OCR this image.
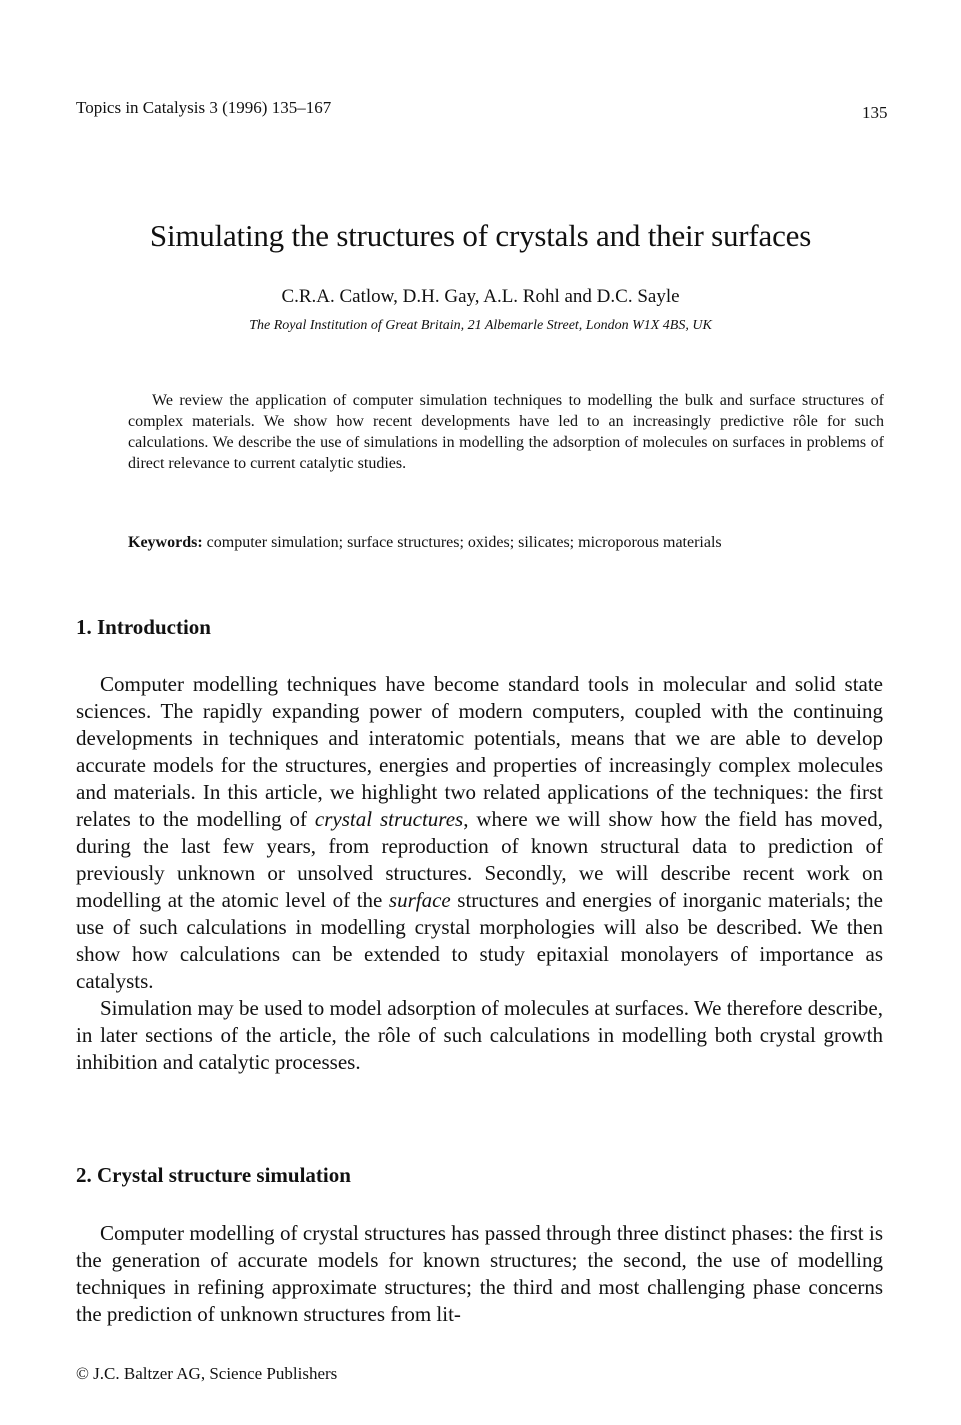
Topics in Catalysis 3 (1996) 135–167	135
Simulating the structures of crystals and their surfaces
C.R.A. Catlow, D.H. Gay, A.L. Rohl and D.C. Sayle
The Royal Institution of Great Britain, 21 Albemarle Street, London W1X 4BS, UK
We review the application of computer simulation techniques to modelling the bulk and surface structures of complex materials. We show how recent developments have led to an increasingly predictive rôle for such calculations. We describe the use of simulations in modelling the adsorption of molecules on surfaces in problems of direct relevance to current catalytic studies.
Keywords: computer simulation; surface structures; oxides; silicates; microporous materials
1. Introduction

Computer modelling techniques have become standard tools in molecular and solid state sciences. The rapidly expanding power of modern computers, coupled with the continuing developments in techniques and interatomic potentials, means that we are able to develop accurate models for the structures, energies and properties of increasingly complex molecules and materials. In this article, we highlight two related applications of the techniques: the first relates to the modelling of crystal structures, where we will show how the field has moved, during the last few years, from reproduction of known structural data to prediction of previously unknown or unsolved structures. Secondly, we will describe recent work on modelling at the atomic level of the surface structures and energies of inorganic materials; the use of such calculations in modelling crystal morphologies will also be described. We then show how calculations can be extended to study epitaxial monolayers of importance as catalysts.

Simulation may be used to model adsorption of molecules at surfaces. We therefore describe, in later sections of the article, the rôle of such calculations in modelling both crystal growth inhibition and catalytic processes.

2. Crystal structure simulation

Computer modelling of crystal structures has passed through three distinct phases: the first is the generation of accurate models for known structures; the second, the use of modelling techniques in refining approximate structures; the third and most challenging phase concerns the prediction of unknown structures from lit-

© J.C. Baltzer AG, Science Publishers
